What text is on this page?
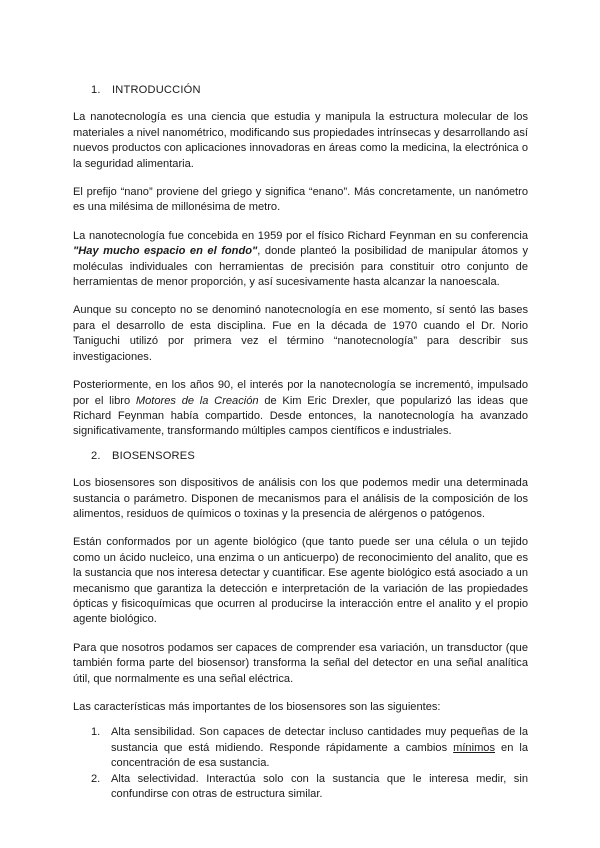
1.	INTRODUCCIÓN

La nanotecnología es una ciencia que estudia y manipula la estructura molecular de los materiales a nivel nanométrico, modificando sus propiedades intrínsecas y desarrollando así nuevos productos con aplicaciones innovadoras en áreas como la medicina, la electrónica o la seguridad alimentaria.

El prefijo “nano” proviene del griego y significa “enano”. Más concretamente, un nanómetro es una milésima de millonésima de metro.

La nanotecnología fue concebida en 1959 por el físico Richard Feynman en su conferencia "Hay mucho espacio en el fondo", donde planteó la posibilidad de manipular átomos y moléculas individuales con herramientas de precisión para constituir otro conjunto de herramientas de menor proporción, y así sucesivamente hasta alcanzar la nanoescala.

Aunque su concepto no se denominó nanotecnología en ese momento, sí sentó las bases para el desarrollo de esta disciplina. Fue en la década de 1970 cuando el Dr. Norio Taniguchi utilizó por primera vez el término “nanotecnología” para describir sus investigaciones.

Posteriormente, en los años 90, el interés por la nanotecnología se incrementó, impulsado por el libro Motores de la Creación de Kim Eric Drexler, que popularizó las ideas que Richard Feynman había compartido. Desde entonces, la nanotecnología ha avanzado significativamente, transformando múltiples campos científicos e industriales.

2.	BIOSENSORES

Los biosensores son dispositivos de análisis con los que podemos medir una determinada sustancia o parámetro. Disponen de mecanismos para el análisis de la composición de los alimentos, residuos de químicos o toxinas y la presencia de alérgenos o patógenos.

Están conformados por un agente biológico (que tanto puede ser una célula o un tejido como un ácido nucleico, una enzima o un anticuerpo) de reconocimiento del analito, que es la sustancia que nos interesa detectar y cuantificar. Ese agente biológico está asociado a un mecanismo que garantiza la detección e interpretación de la variación de las propiedades ópticas y fisicoquímicas que ocurren al producirse la interacción entre el analito y el propio agente biológico.

Para que nosotros podamos ser capaces de comprender esa variación, un transductor (que también forma parte del biosensor) transforma la señal del detector en una señal analítica útil, que normalmente es una señal eléctrica.

Las características más importantes de los biosensores son las siguientes:

1. Alta sensibilidad. Son capaces de detectar incluso cantidades muy pequeñas de la sustancia que está midiendo. Responde rápidamente a cambios mínimos en la concentración de esa sustancia.
2. Alta selectividad. Interactúa solo con la sustancia que le interesa medir, sin confundirse con otras de estructura similar.
